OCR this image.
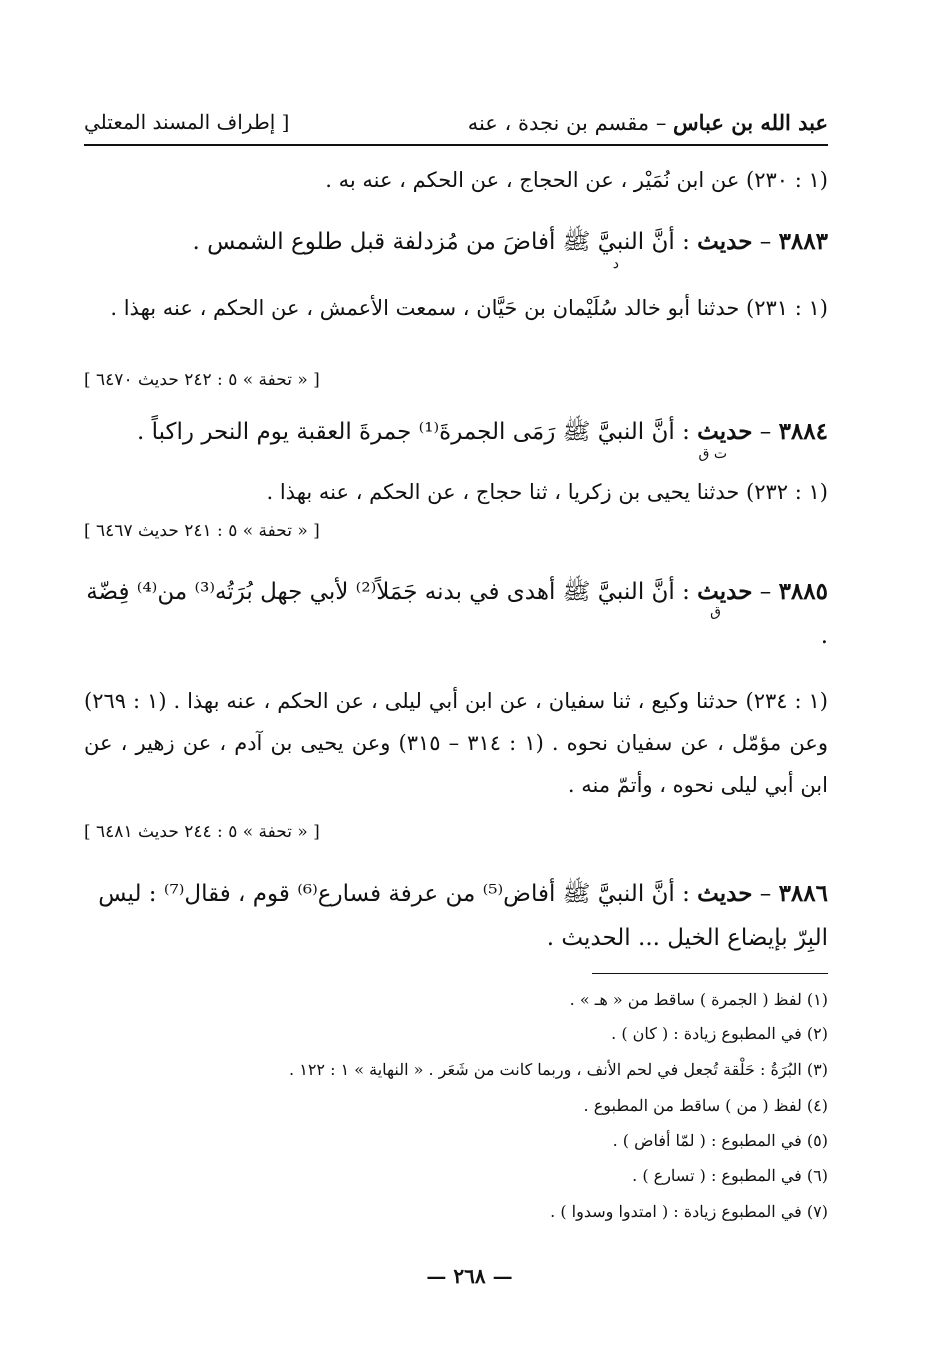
عبد الله بن عباس – مقسم بن نجدة ، عنه
[ إطراف المسند المعتلي
(١ : ٢٣٠) عن ابن نُمَيْر ، عن الحجاج ، عن الحكم ، عنه به .
٣٨٨٣ – حديث : أنَّ النبيَّ ﷺ أفاضَ من مُزدلفة قبل طلوع الشمس .
د
(١ : ٢٣١) حدثنا أبو خالد سُلَيْمان بن حَيَّان ، سمعت الأعمش ، عن الحكم ، عنه بهذا .
[ « تحفة » ٥ : ٢٤٢ حديث ٦٤٧٠ ]
٣٨٨٤ – حديث : أنَّ النبيَّ ﷺ رَمَى الجمرةَ⁽¹⁾ جمرةَ العقبة يوم النحر راكباً .
ت ق
(١ : ٢٣٢) حدثنا يحيى بن زكريا ، ثنا حجاج ، عن الحكم ، عنه بهذا .
[ « تحفة » ٥ : ٢٤١ حديث ٦٤٦٧ ]
٣٨٨٥ – حديث : أنَّ النبيَّ ﷺ أهدى في بدنه جَمَلاً⁽²⁾ لأبي جهل بُرَتُه⁽³⁾ من⁽⁴⁾ فِضّة .
ق
(١ : ٢٣٤) حدثنا وكيع ، ثنا سفيان ، عن ابن أبي ليلى ، عن الحكم ، عنه بهذا . (١ : ٢٦٩) وعن مؤمّل ، عن سفيان نحوه . (١ : ٣١٤ – ٣١٥) وعن يحيى بن آدم ، عن زهير ، عن ابن أبي ليلى نحوه ، وأتمّ منه .
[ « تحفة » ٥ : ٢٤٤ حديث ٦٤٨١ ]
٣٨٨٦ – حديث : أنَّ النبيَّ ﷺ أفاض⁽⁵⁾ من عرفة فسارع⁽⁶⁾ قوم ، فقال⁽⁷⁾ : ليس البِرّ بإيضاع الخيل ... الحديث .
(١) لفظ ( الجمرة ) ساقط من « هـ » .
(٢) في المطبوع زيادة : ( كان ) .
(٣) البُرَةُ : حَلْقة تُجعل في لحم الأنف ، وربما كانت من شَعَر . « النهاية » ١ : ١٢٢ .
(٤) لفظ ( من ) ساقط من المطبوع .
(٥) في المطبوع : ( لمّا أفاض ) .
(٦) في المطبوع : ( تسارع ) .
(٧) في المطبوع زيادة : ( امتدوا وسدوا ) .
— ٢٦٨ —
